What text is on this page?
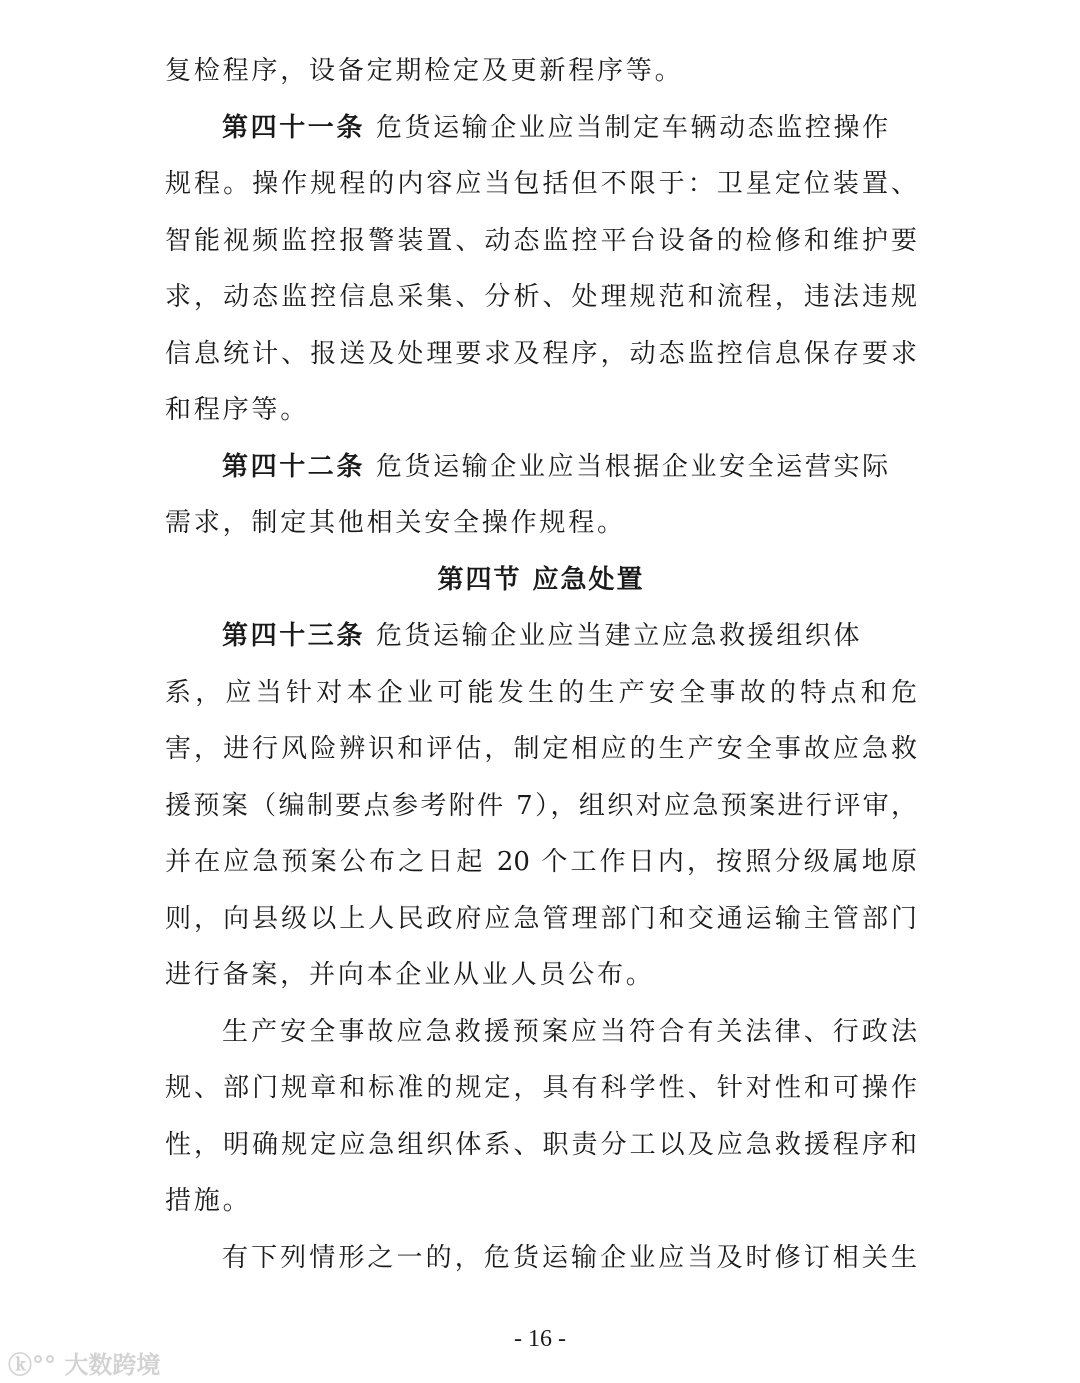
复检程序，设备定期检定及更新程序等。
第四十一条 危货运输企业应当制定车辆动态监控操作
规程。操作规程的内容应当包括但不限于：卫星定位装置、
智能视频监控报警装置、动态监控平台设备的检修和维护要
求，动态监控信息采集、分析、处理规范和流程，违法违规
信息统计、报送及处理要求及程序，动态监控信息保存要求
和程序等。
第四十二条 危货运输企业应当根据企业安全运营实际
需求，制定其他相关安全操作规程。
第四节 应急处置
第四十三条 危货运输企业应当建立应急救援组织体
系，应当针对本企业可能发生的生产安全事故的特点和危
害，进行风险辨识和评估，制定相应的生产安全事故应急救
援预案（编制要点参考附件 7），组织对应急预案进行评审，
并在应急预案公布之日起 20 个工作日内，按照分级属地原
则，向县级以上人民政府应急管理部门和交通运输主管部门
进行备案，并向本企业从业人员公布。
生产安全事故应急救援预案应当符合有关法律、行政法
规、部门规章和标准的规定，具有科学性、针对性和可操作
性，明确规定应急组织体系、职责分工以及应急救援程序和
措施。
有下列情形之一的，危货运输企业应当及时修订相关生
- 16 -
ⓚ°° 大数跨境
